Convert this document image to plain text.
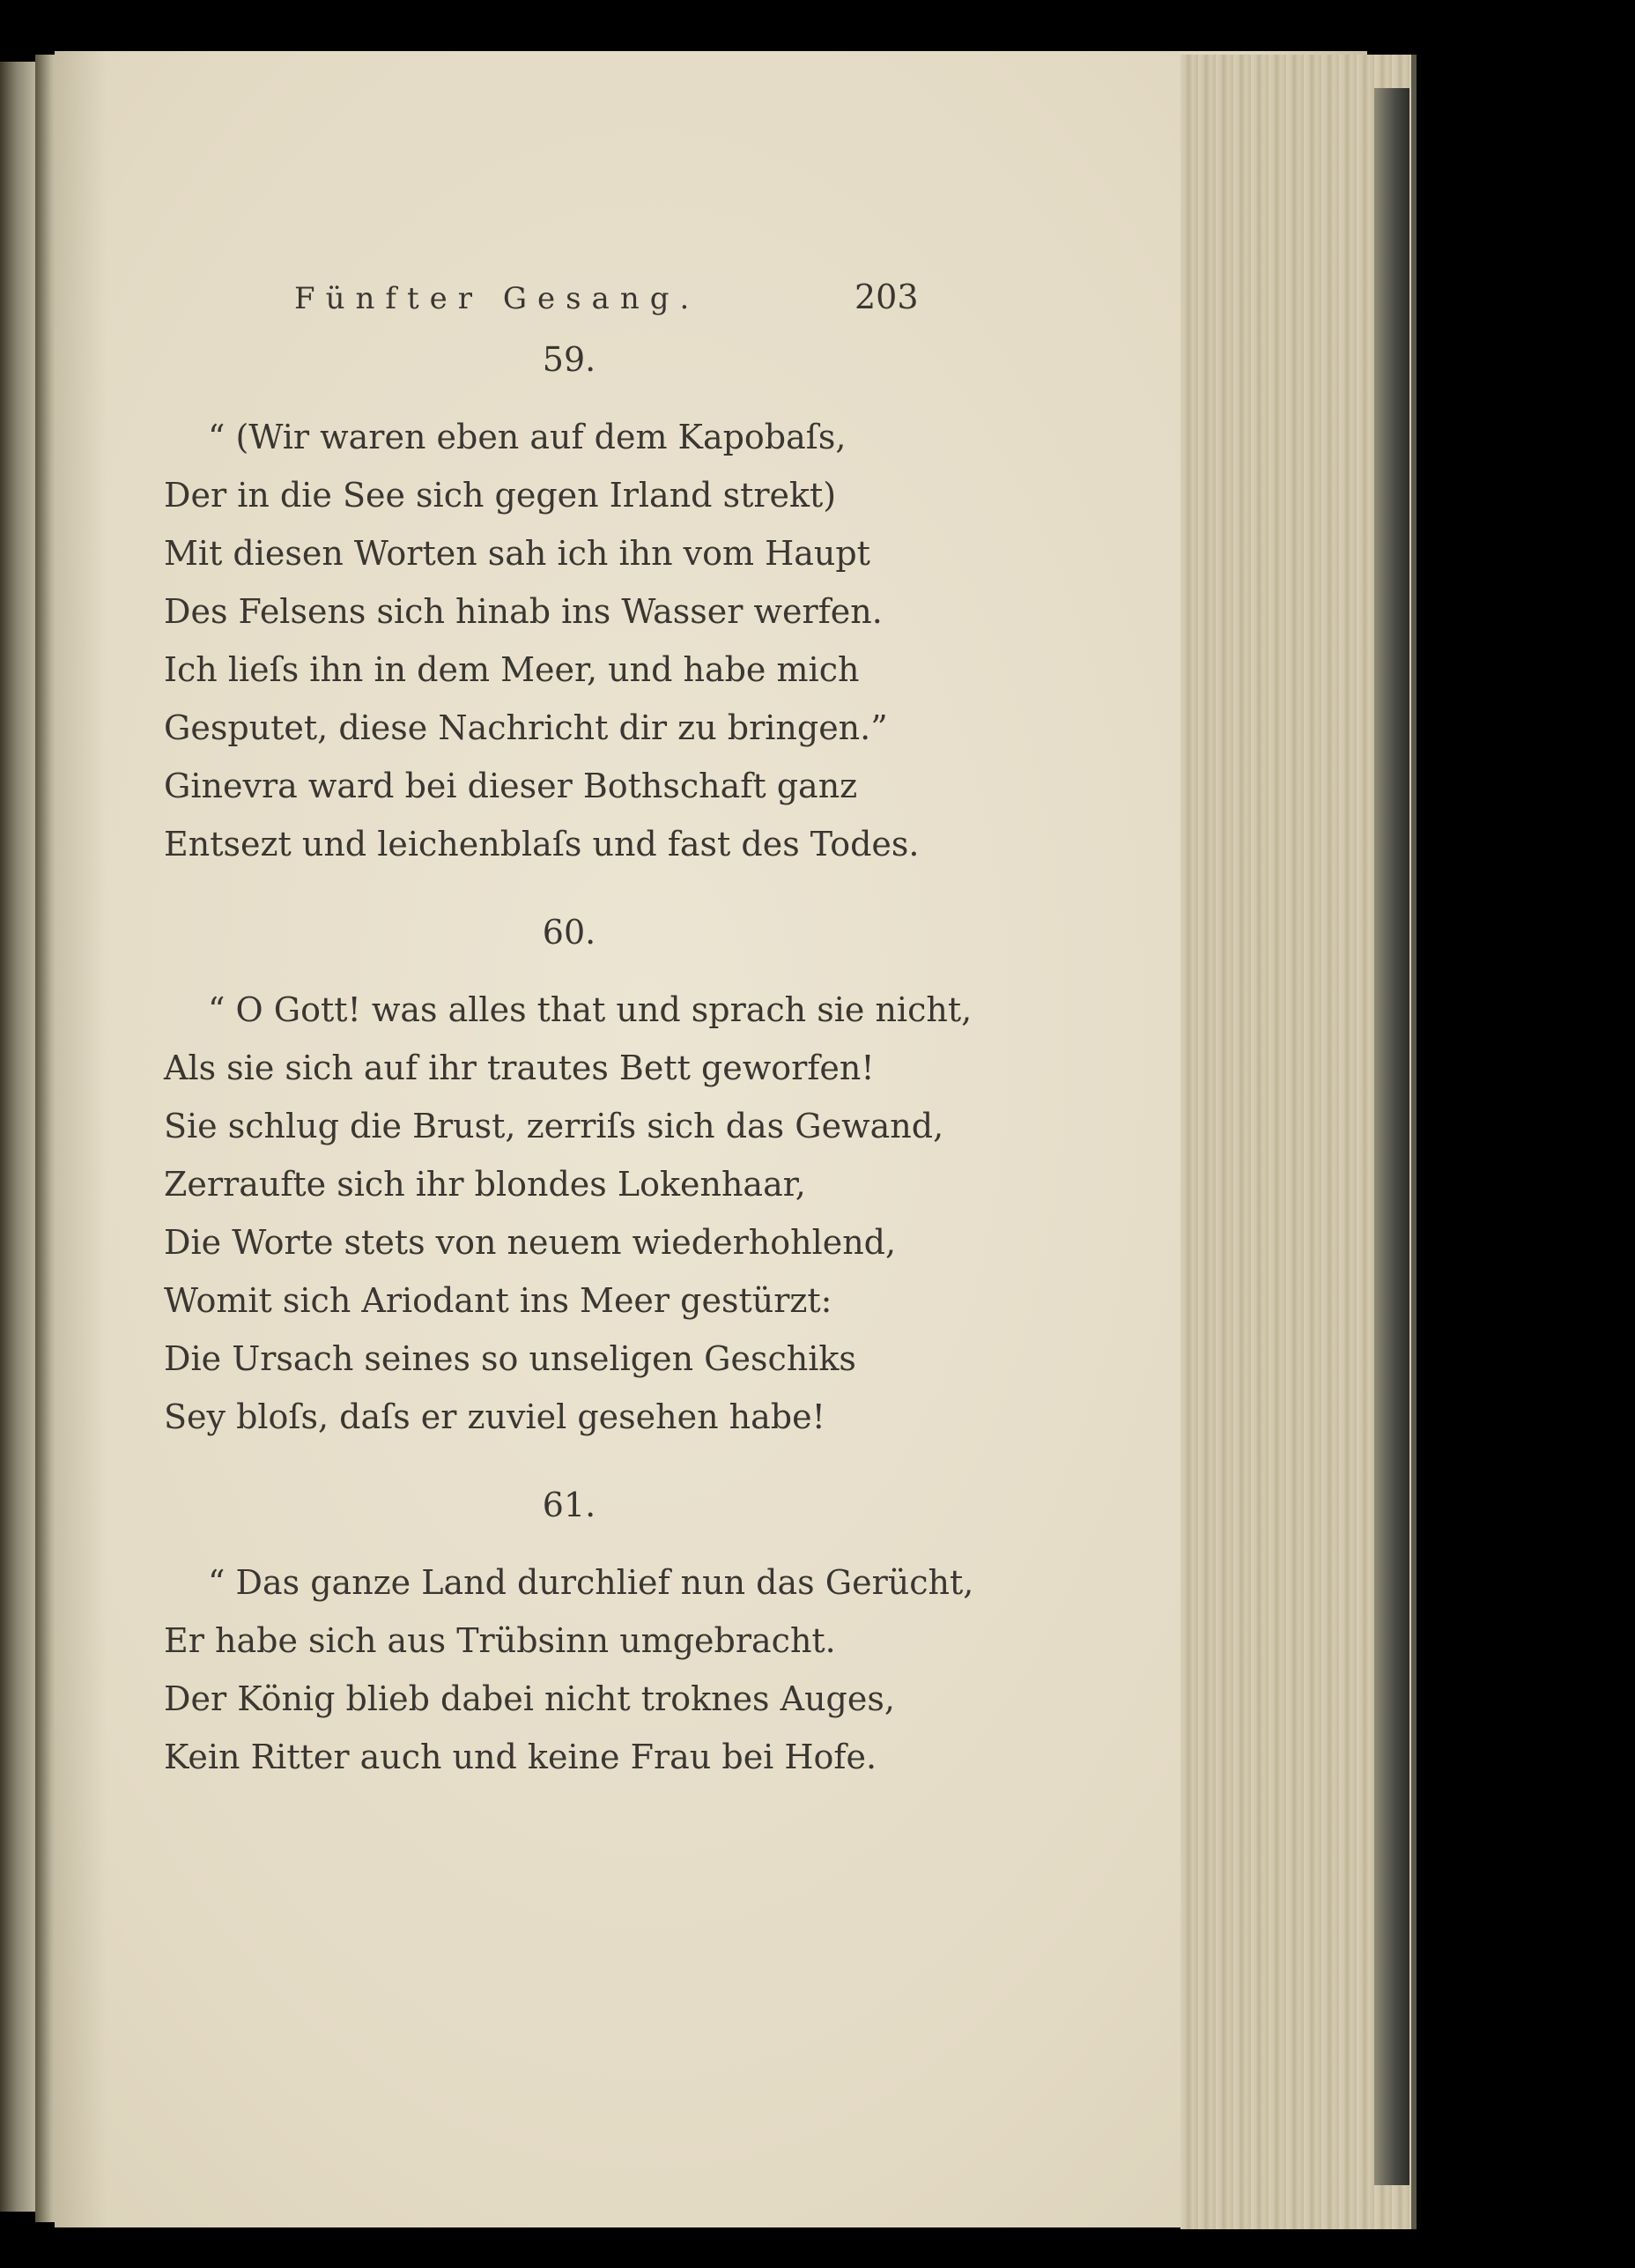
Fünfter Gesang.	203
59.
“ (Wir waren eben auf dem Kapobaſs,
Der in die See sich gegen Irland strekt)
Mit diesen Worten sah ich ihn vom Haupt
Des Felsens sich hinab ins Wasser werfen.
Ich lieſs ihn in dem Meer, und habe mich
Gesputet, diese Nachricht dir zu bringen.”
Ginevra ward bei dieser Bothschaft ganz
Entsezt und leichenblaſs und fast des Todes.
60.
“ O Gott! was alles that und sprach sie nicht,
Als sie sich auf ihr trautes Bett geworfen!
Sie schlug die Brust, zerriſs sich das Gewand,
Zerraufte sich ihr blondes Lokenhaar,
Die Worte stets von neuem wiederhohlend,
Womit sich Ariodant ins Meer gestürzt:
Die Ursach seines so unseligen Geschiks
Sey bloſs, daſs er zuviel gesehen habe!
61.
“ Das ganze Land durchlief nun das Gerücht,
Er habe sich aus Trübsinn umgebracht.
Der König blieb dabei nicht troknes Auges,
Kein Ritter auch und keine Frau bei Hofe.
